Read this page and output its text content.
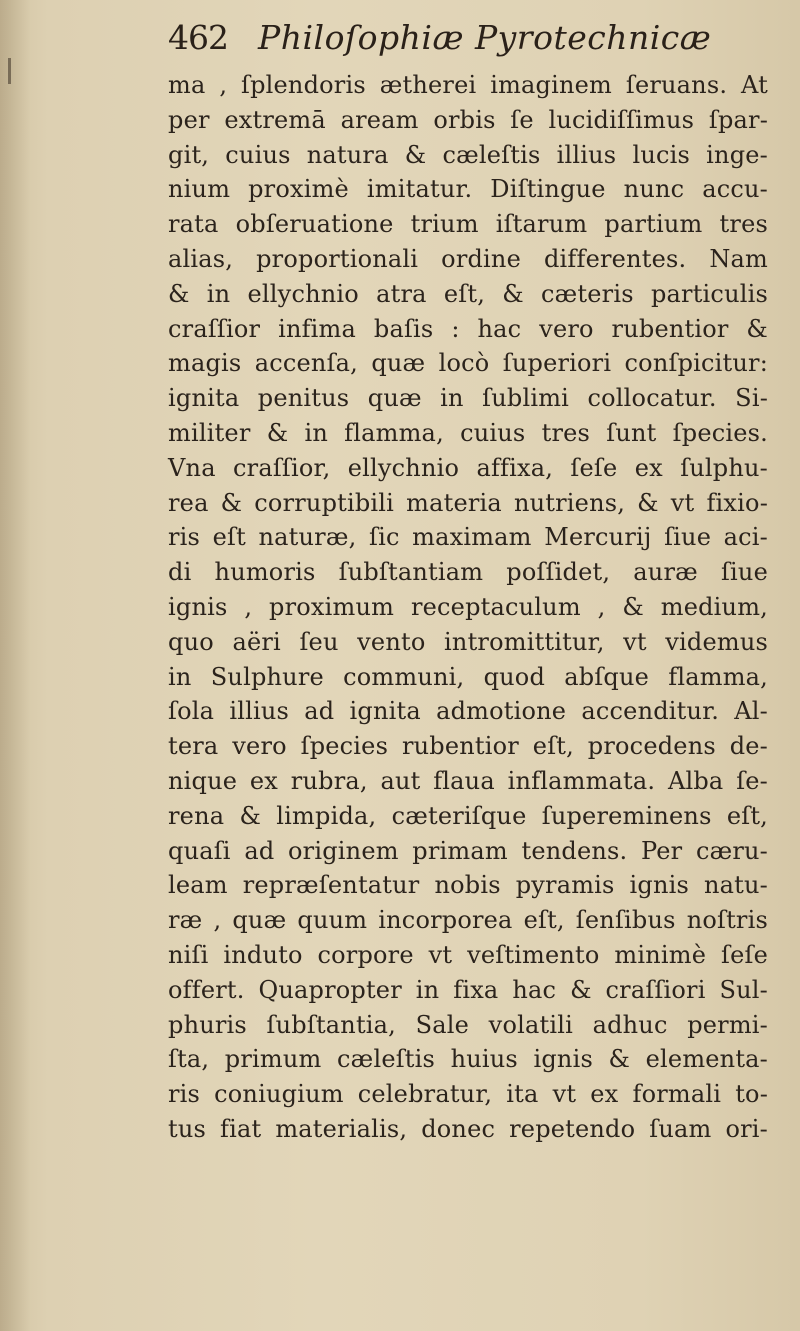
462 Philoſophiæ Pyrotechnicæ
ma , ſplendoris ætherei imaginem ſeruans. At
per extremā aream orbis ſe lucidiſſimus ſpar-
git, cuius natura & cæleſtis illius lucis inge-
nium proximè imitatur. Diſtingue nunc accu-
rata obſeruatione trium iſtarum partium tres
alias, proportionali ordine differentes. Nam
& in ellychnio atra eſt, & cæteris particulis
craſſior infima baſis : hac vero rubentior &
magis accenſa, quæ locò ſuperiori conſpicitur:
ignita penitus quæ in ſublimi collocatur. Si-
militer & in flamma, cuius tres ſunt ſpecies.
Vna craſſior, ellychnio affixa, ſeſe ex ſulphu-
rea & corruptibili materia nutriens, & vt fixio-
ris eſt naturæ, ſic maximam Mercurij ſiue aci-
di humoris ſubſtantiam poſſidet, auræ ſiue
ignis , proximum receptaculum , & medium,
quo aëri ſeu vento intromittitur, vt videmus
in Sulphure communi, quod abſque flamma,
ſola illius ad ignita admotione accenditur. Al-
tera vero ſpecies rubentior eſt, procedens de-
nique ex rubra, aut flaua inflammata. Alba ſe-
rena & limpida, cæteriſque ſupereminens eſt,
quaſi ad originem primam tendens. Per cæru-
leam repræſentatur nobis pyramis ignis natu-
ræ , quæ quum incorporea eſt, ſenſibus noſtris
niſi induto corpore vt veſtimento minimè ſeſe
offert. Quapropter in fixa hac & craſſiori Sul-
phuris ſubſtantia, Sale volatili adhuc permi-
ſta, primum cæleſtis huius ignis & elementa-
ris coniugium celebratur, ita vt ex formali to-
tus fiat materialis, donec repetendo ſuam ori-
